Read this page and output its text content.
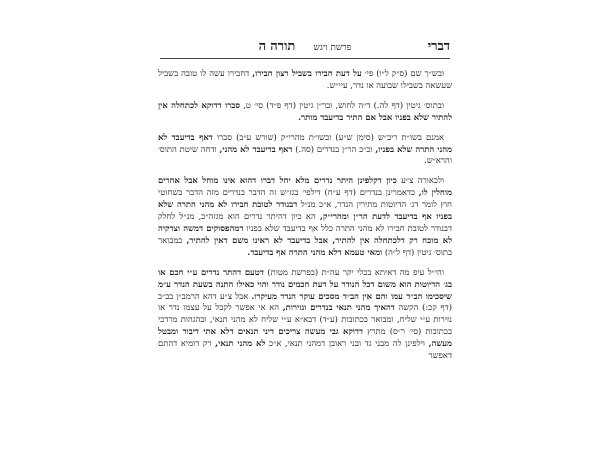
דברי
פרשת ויגש תורה ה

ובש״ך שם (ס״ק ל״ו) פי׳ על דעת חבירו בשביל רצון חבירו, דחבירו עשה לו טובה בשביל שעשאה בשבילו שבועה או נדר, עיי״ש.

ובתוס׳ גיטין (דף לה.) ד״ה לחוש, ובר״ן גיטין (דף פ״ד) סי׳ ט, סברו דדוקא לכתחלה אין להתיר שלא בפניו אבל אם התיר בדיעבד מותר.

אמנם בשו״ת ריב״ש (סימן ש״ע) ובשו״ת מהרי״ק (שורש ע״ב) סברו דאף בדיעבד לא מהני התרה שלא בפניו, וכ״כ הר״ן בנדרים (סה.) דאף בדיעבד לא מהני, ודחה שיטת התוס׳ והרא״ש.

ולכאורה צ״ע כיון דקלפינן היתר נדרים מלא יחל דברו דהוא אינו מוחל אבל אחרים מוחלין לו, כדאמרינן בנדרים (דף ע״ח) דילפי׳ בגז״ש זה הדבר בנדרים מזה הדבר בשחוטי חוץ לומר דג׳ הדיוטות מתירין הנדר, א״כ מנ״ל דבנודר לטובת חבירו לא מהני התרה שלא בפניו אף בדיעבד לדעת הר״ן ומהרי״ק, הא כיון דהיתר נדרים הוא מגזה״כ, מנ״ל לחלק דבנודר לטובת חבירו לא מהני התרה כלל אף בדיעבד שלא בפניו דמהפסוקים דמשה וצדקיה לא מוכח רק דלכתחלה אין להתיר, אבל בדיעבד לא ראינו משם דאין להתיר, כמבואר בתוס׳ גיטין (דף ל״ה) ומאי טעמא דלא מהני התרה אף בדיעבד.

והי״ל עיפ מה דאיתא בכלי יקר עה״ת (בפרשת מטות) דטעם דהתר נדרים ע״י חכם או בג׳ הדיוטות הוא משום דכל הנודר על דעת חכמים נודר והוי כאילו התנה בשעת הנדר ע״מ שיסכימו הב״ד עמו והם אין הב״ד מסכים עוקר הנדר מעיקרו. אבל צ״ע דהא הרמב״ן בב״ב (דף קכ:) הקשה דהאיך מהני תנאי בנדרים ונזירות, הא אי אפשר לקבל על עצמו נדר או נזירות ע״י שליח, ומבואר בכתובות (ע״ד) דבא״א ע״י שליח לא מהני תנאי, ובהגהות מרדכי בכתובות (סי׳ ר״ס) מתרץ דדוקא גבי מעשה צריכים דיני תנאים דלא אתי דיבור ומבטל מעשה, וילפינן לה מבני גד ובני ראובן דמהני תנאי, א״כ לא מהני תנאי, רק דומיא דהתם דאפשר
